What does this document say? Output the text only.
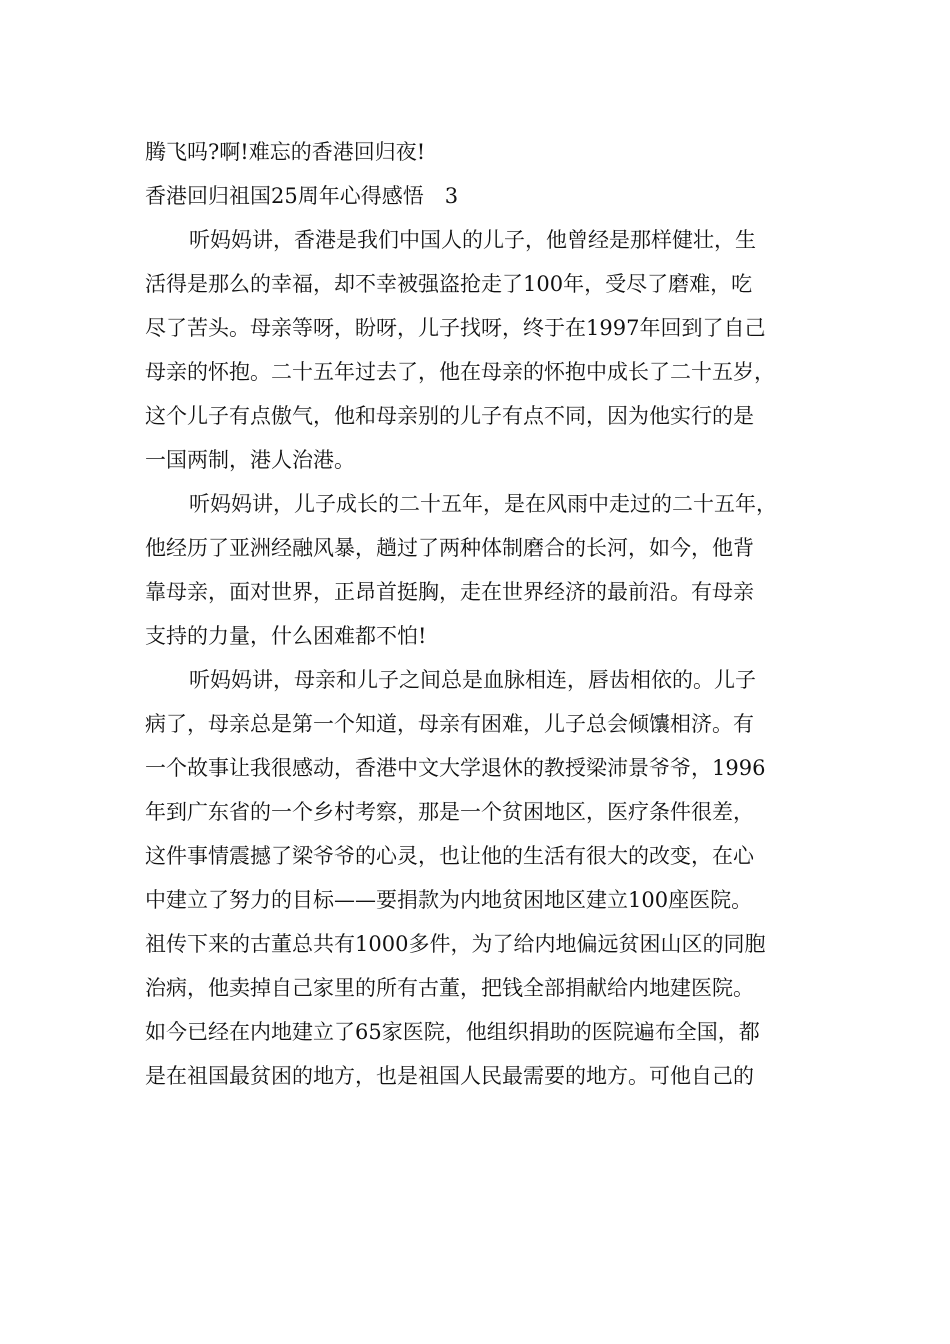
腾飞吗?啊!难忘的香港回归夜!
香港回归祖国25周年心得感悟　3
听妈妈讲，香港是我们中国人的儿子，他曾经是那样健壮，生
活得是那么的幸福，却不幸被强盗抢走了100年，受尽了磨难，吃
尽了苦头。母亲等呀，盼呀，儿子找呀，终于在1997年回到了自己
母亲的怀抱。二十五年过去了，他在母亲的怀抱中成长了二十五岁，
这个儿子有点傲气，他和母亲别的儿子有点不同，因为他实行的是
一国两制，港人治港。
听妈妈讲，儿子成长的二十五年，是在风雨中走过的二十五年，
他经历了亚洲经融风暴，趟过了两种体制磨合的长河，如今，他背
靠母亲，面对世界，正昂首挺胸，走在世界经济的最前沿。有母亲
支持的力量，什么困难都不怕!
听妈妈讲，母亲和儿子之间总是血脉相连，唇齿相依的。儿子
病了，母亲总是第一个知道，母亲有困难，儿子总会倾馕相济。有
一个故事让我很感动，香港中文大学退休的教授梁沛景爷爷，1996
年到广东省的一个乡村考察，那是一个贫困地区，医疗条件很差，
这件事情震撼了梁爷爷的心灵，也让他的生活有很大的改变，在心
中建立了努力的目标——要捐款为内地贫困地区建立100座医院。
祖传下来的古董总共有1000多件，为了给内地偏远贫困山区的同胞
治病，他卖掉自己家里的所有古董，把钱全部捐献给内地建医院。
如今已经在内地建立了65家医院，他组织捐助的医院遍布全国，都
是在祖国最贫困的地方，也是祖国人民最需要的地方。可他自己的
